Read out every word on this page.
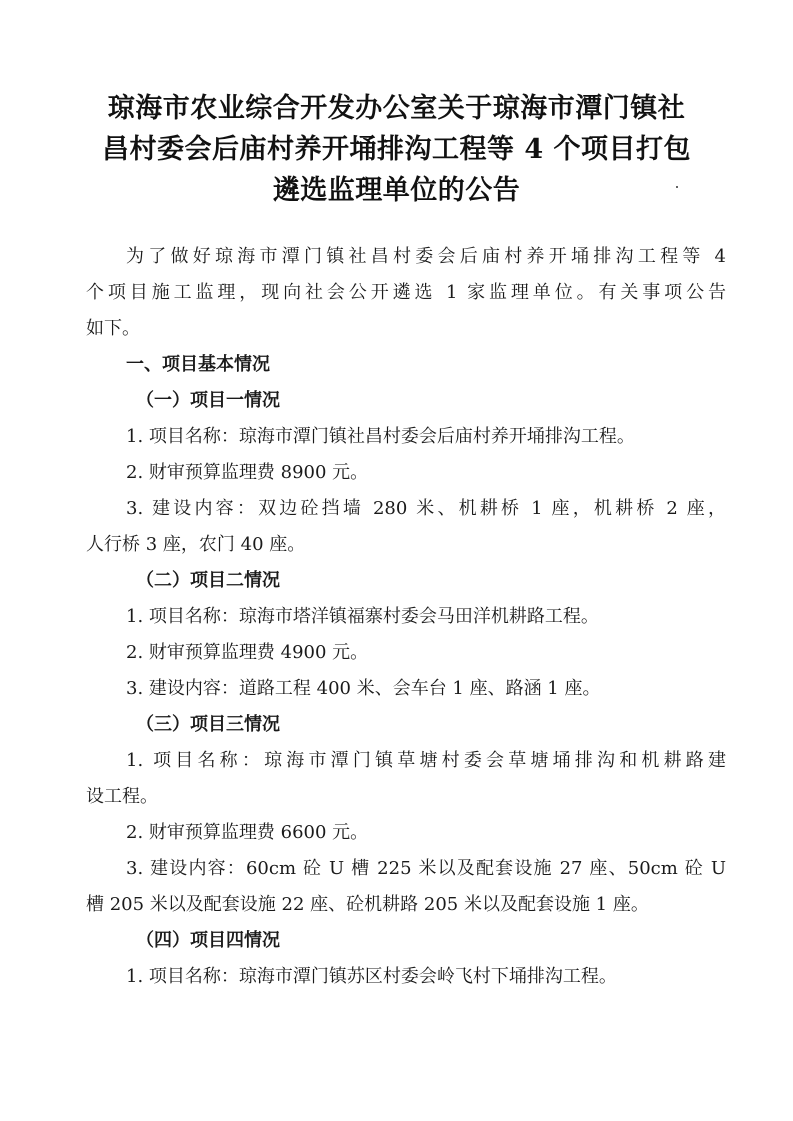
琼海市农业综合开发办公室关于琼海市潭门镇社
昌村委会后庙村养开埇排沟工程等 4 个项目打包
遴选监理单位的公告
为了做好琼海市潭门镇社昌村委会后庙村养开埇排沟工程等 4
个项目施工监理，现向社会公开遴选 1 家监理单位。有关事项公告
如下。
一、项目基本情况
（一）项目一情况
1. 项目名称：琼海市潭门镇社昌村委会后庙村养开埇排沟工程。
2. 财审预算监理费 8900 元。
3. 建设内容：双边砼挡墙 280 米、机耕桥 1 座，机耕桥 2 座，
人行桥 3 座，农门 40 座。
（二）项目二情况
1. 项目名称：琼海市塔洋镇福寨村委会马田洋机耕路工程。
2. 财审预算监理费 4900 元。
3. 建设内容：道路工程 400 米、会车台 1 座、路涵 1 座。
（三）项目三情况
1. 项目名称：琼海市潭门镇草塘村委会草塘埇排沟和机耕路建
设工程。
2. 财审预算监理费 6600 元。
3. 建设内容：60cm 砼 U 槽 225 米以及配套设施 27 座、50cm 砼 U
槽 205 米以及配套设施 22 座、砼机耕路 205 米以及配套设施 1 座。
（四）项目四情况
1. 项目名称：琼海市潭门镇苏区村委会岭飞村下埇排沟工程。
